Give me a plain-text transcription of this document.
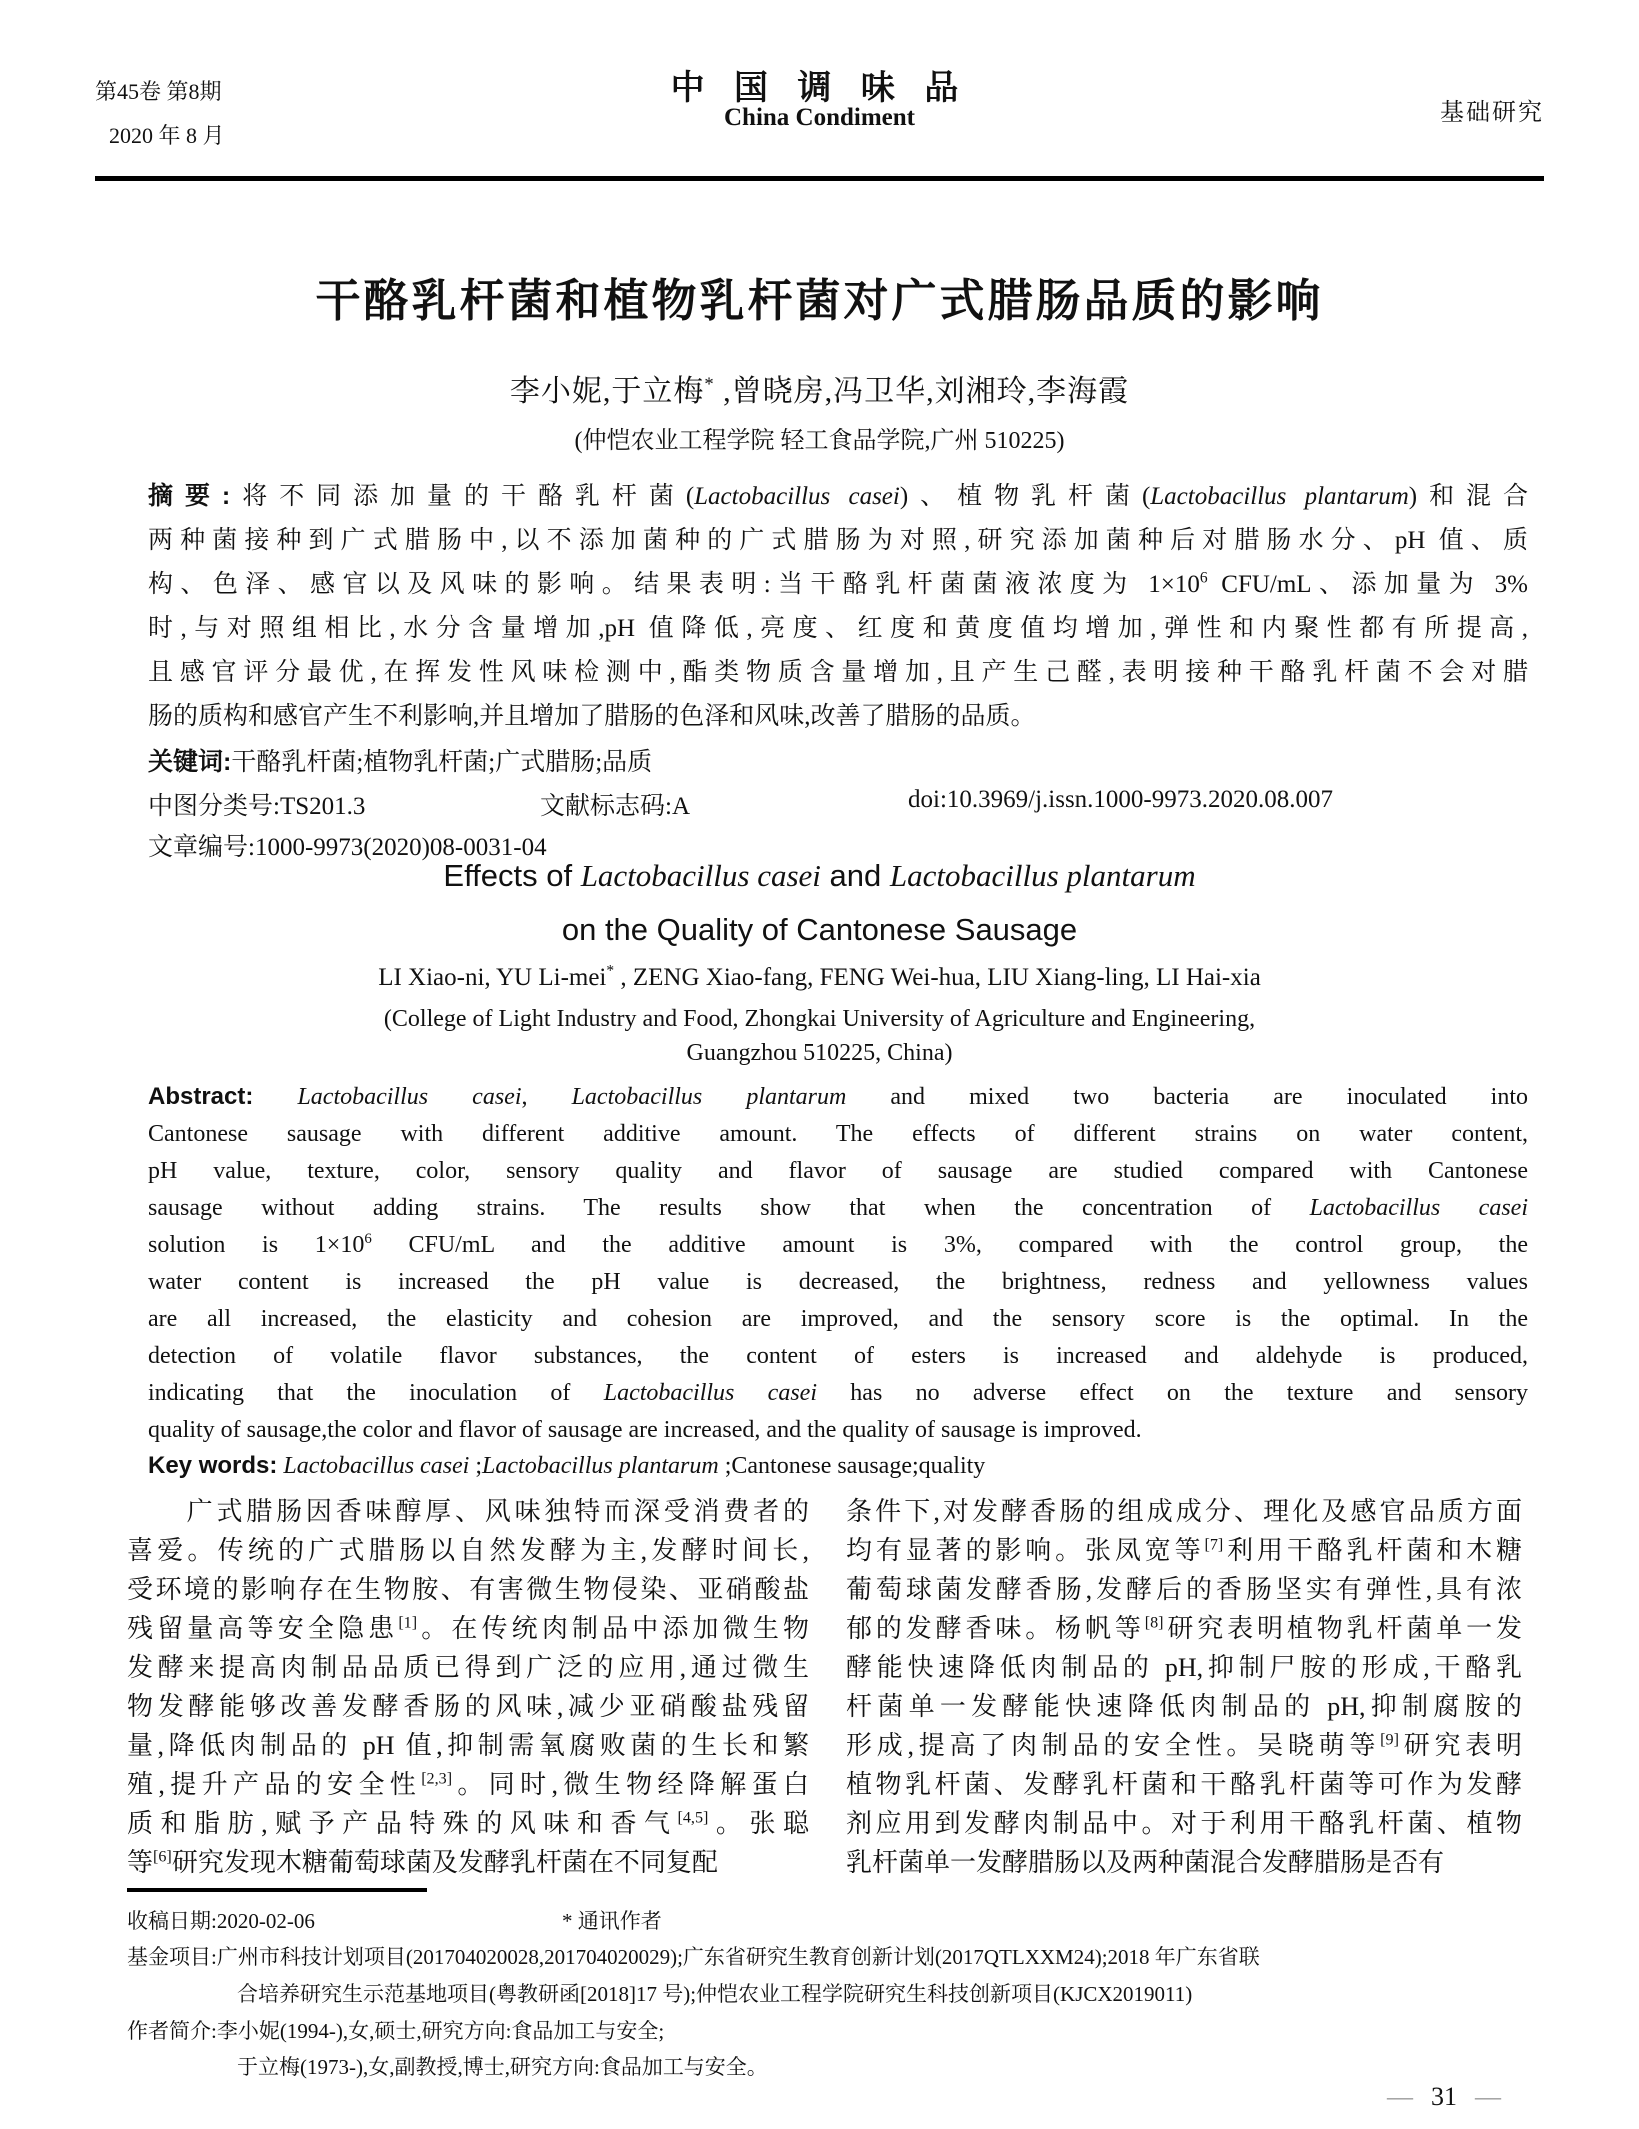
第45卷 第8期
2020 年 8 月
中 国 调 味 品
China Condiment	基础研究
干酪乳杆菌和植物乳杆菌对广式腊肠品质的影响
李小妮,于立梅* ,曾晓房,冯卫华,刘湘玲,李海霞
(仲恺农业工程学院 轻工食品学院,广州 510225)
摘要:将不同添加量的干酪乳杆菌(Lactobacillus casei)、植物乳杆菌(Lactobacillus plantarum)和混合
两种菌接种到广式腊肠中,以不添加菌种的广式腊肠为对照,研究添加菌种后对腊肠水分、pH 值、质
构、色泽、感官以及风味的影响。结果表明:当干酪乳杆菌菌液浓度为 $1\times 10^6$ CFU/mL、添加量为 3%
时,与对照组相比,水分含量增加,pH 值降低,亮度、红度和黄度值均增加,弹性和内聚性都有所提高,
且感官评分最优,在挥发性风味检测中,酯类物质含量增加,且产生己醛,表明接种干酪乳杆菌不会对腊
肠的质构和感官产生不利影响,并且增加了腊肠的色泽和风味,改善了腊肠的品质。
关键词:干酪乳杆菌;植物乳杆菌;广式腊肠;品质
中图分类号:TS201.3	文献标志码:A	doi:10.3969/j.issn.1000-9973.2020.08.007
文章编号:1000-9973(2020)08-0031-04
Effects of Lactobacillus casei and Lactobacillus plantarum
on the Quality of Cantonese Sausage
LI Xiao-ni, YU Li-mei* , ZENG Xiao-fang, FENG Wei-hua, LIU Xiang-ling, LI Hai-xia
(College of Light Industry and Food, Zhongkai University of Agriculture and Engineering,
Guangzhou 510225, China)
Abstract: Lactobacillus casei, Lactobacillus plantarum and mixed two bacteria are inoculated into
Cantonese sausage with different additive amount. The effects of different strains on water content,
pH value, texture, color, sensory quality and flavor of sausage are studied compared with Cantonese
sausage without adding strains. The results show that when the concentration of Lactobacillus casei
solution is $1\times 10^6$ CFU/mL and the additive amount is 3%, compared with the control group, the
water content is increased the pH value is decreased, the brightness, redness and yellowness values
are all increased, the elasticity and cohesion are improved, and the sensory score is the optimal. In the
detection of volatile flavor substances, the content of esters is increased and aldehyde is produced,
indicating that the inoculation of Lactobacillus casei has no adverse effect on the texture and sensory
quality of sausage,the color and flavor of sausage are increased, and the quality of sausage is improved.
Key words: Lactobacillus casei ;Lactobacillus plantarum ;Cantonese sausage;quality
　　广式腊肠因香味醇厚、风味独特而深受消费者的
喜爱。传统的广式腊肠以自然发酵为主,发酵时间长,
受环境的影响存在生物胺、有害微生物侵染、亚硝酸盐
残留量高等安全隐患[1]。在传统肉制品中添加微生物
发酵来提高肉制品品质已得到广泛的应用,通过微生
物发酵能够改善发酵香肠的风味,减少亚硝酸盐残留
量,降低肉制品的 pH 值,抑制需氧腐败菌的生长和繁
殖,提升产品的安全性[2,3]。同时,微生物经降解蛋白
质和脂肪,赋予产品特殊的风味和香气[4,5]。张聪
等[6]研究发现木糖葡萄球菌及发酵乳杆菌在不同复配
条件下,对发酵香肠的组成成分、理化及感官品质方面
均有显著的影响。张凤宽等[7]利用干酪乳杆菌和木糖
葡萄球菌发酵香肠,发酵后的香肠坚实有弹性,具有浓
郁的发酵香味。杨帆等[8]研究表明植物乳杆菌单一发
酵能快速降低肉制品的 pH,抑制尸胺的形成,干酪乳
杆菌单一发酵能快速降低肉制品的 pH,抑制腐胺的
形成,提高了肉制品的安全性。吴晓萌等[9]研究表明
植物乳杆菌、发酵乳杆菌和干酪乳杆菌等可作为发酵
剂应用到发酵肉制品中。对于利用干酪乳杆菌、植物
乳杆菌单一发酵腊肠以及两种菌混合发酵腊肠是否有
收稿日期:2020-02-06	* 通讯作者
基金项目:广州市科技计划项目(201704020028,201704020029);广东省研究生教育创新计划(2017QTLXXM24);2018 年广东省联
合培养研究生示范基地项目(粤教研函[2018]17 号);仲恺农业工程学院研究生科技创新项目(KJCX2019011)
作者简介:李小妮(1994-),女,硕士,研究方向:食品加工与安全;
于立梅(1973-),女,副教授,博士,研究方向:食品加工与安全。
— 31 —
